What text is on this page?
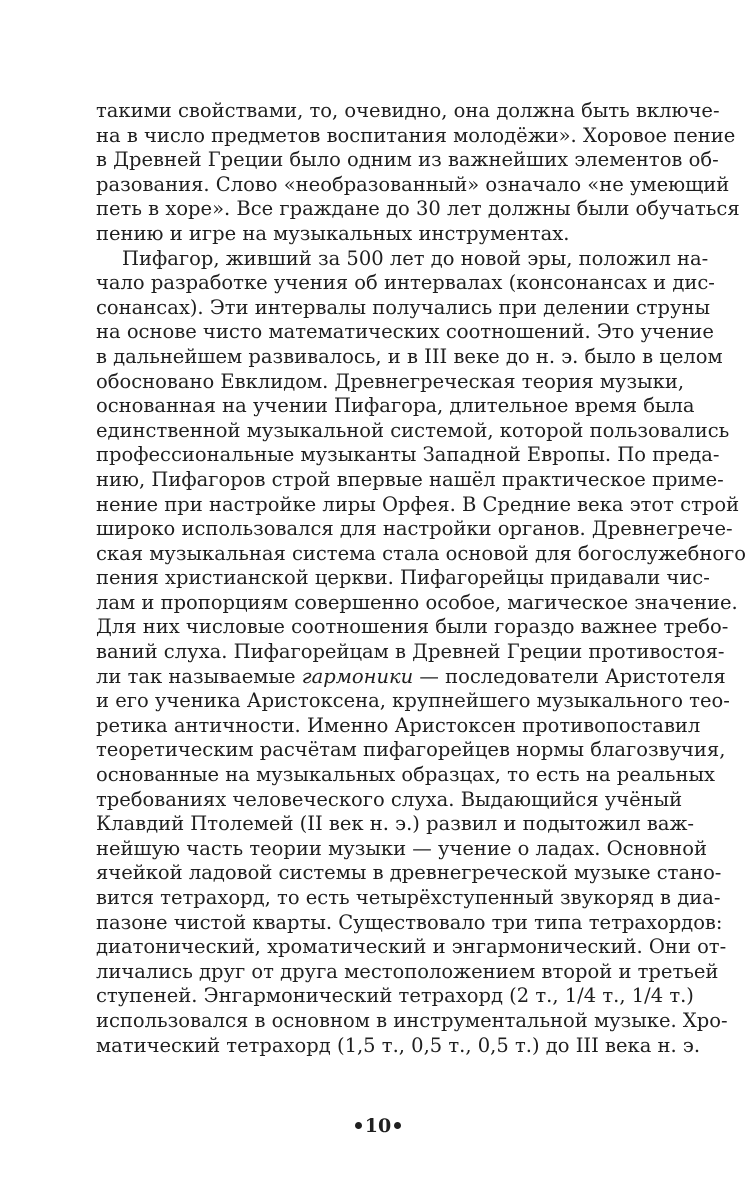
такими свойствами, то, очевидно, она должна быть включе-
на в число предметов воспитания молодёжи». Хоровое пение
в Древней Греции было одним из важнейших элементов об-
разования. Слово «необразованный» означало «не умеющий
петь в хоре». Все граждане до 30 лет должны были обучаться
пению и игре на музыкальных инструментах.
Пифагор, живший за 500 лет до новой эры, положил на-
чало разработке учения об интервалах (консонансах и дис-
сонансах). Эти интервалы получались при делении струны
на основе чисто математических соотношений. Это учение
в дальнейшем развивалось, и в III веке до н. э. было в целом
обосновано Евклидом. Древнегреческая теория музыки,
основанная на учении Пифагора, длительное время была
единственной музыкальной системой, которой пользовались
профессиональные музыканты Западной Европы. По преда-
нию, Пифагоров строй впервые нашёл практическое приме-
нение при настройке лиры Орфея. В Средние века этот строй
широко использовался для настройки органов. Древнегрече-
ская музыкальная система стала основой для богослужебного
пения христианской церкви. Пифагорейцы придавали чис-
лам и пропорциям совершенно особое, магическое значение.
Для них числовые соотношения были гораздо важнее требо-
ваний слуха. Пифагорейцам в Древней Греции противостоя-
ли так называемые гармоники — последователи Аристотеля
и его ученика Аристоксена, крупнейшего музыкального тео-
ретика античности. Именно Аристоксен противопоставил
теоретическим расчётам пифагорейцев нормы благозвучия,
основанные на музыкальных образцах, то есть на реальных
требованиях человеческого слуха. Выдающийся учёный
Клавдий Птолемей (II век н. э.) развил и подытожил важ-
нейшую часть теории музыки — учение о ладах. Основной
ячейкой ладовой системы в древнегреческой музыке стано-
вится тетрахорд, то есть четырёхступенный звукоряд в диа-
пазоне чистой кварты. Существовало три типа тетрахордов:
диатонический, хроматический и энгармонический. Они от-
личались друг от друга местоположением второй и третьей
ступеней. Энгармонический тетрахорд (2 т., 1/4 т., 1/4 т.)
использовался в основном в инструментальной музыке. Хро-
матический тетрахорд (1,5 т., 0,5 т., 0,5 т.) до III века н. э.
10
